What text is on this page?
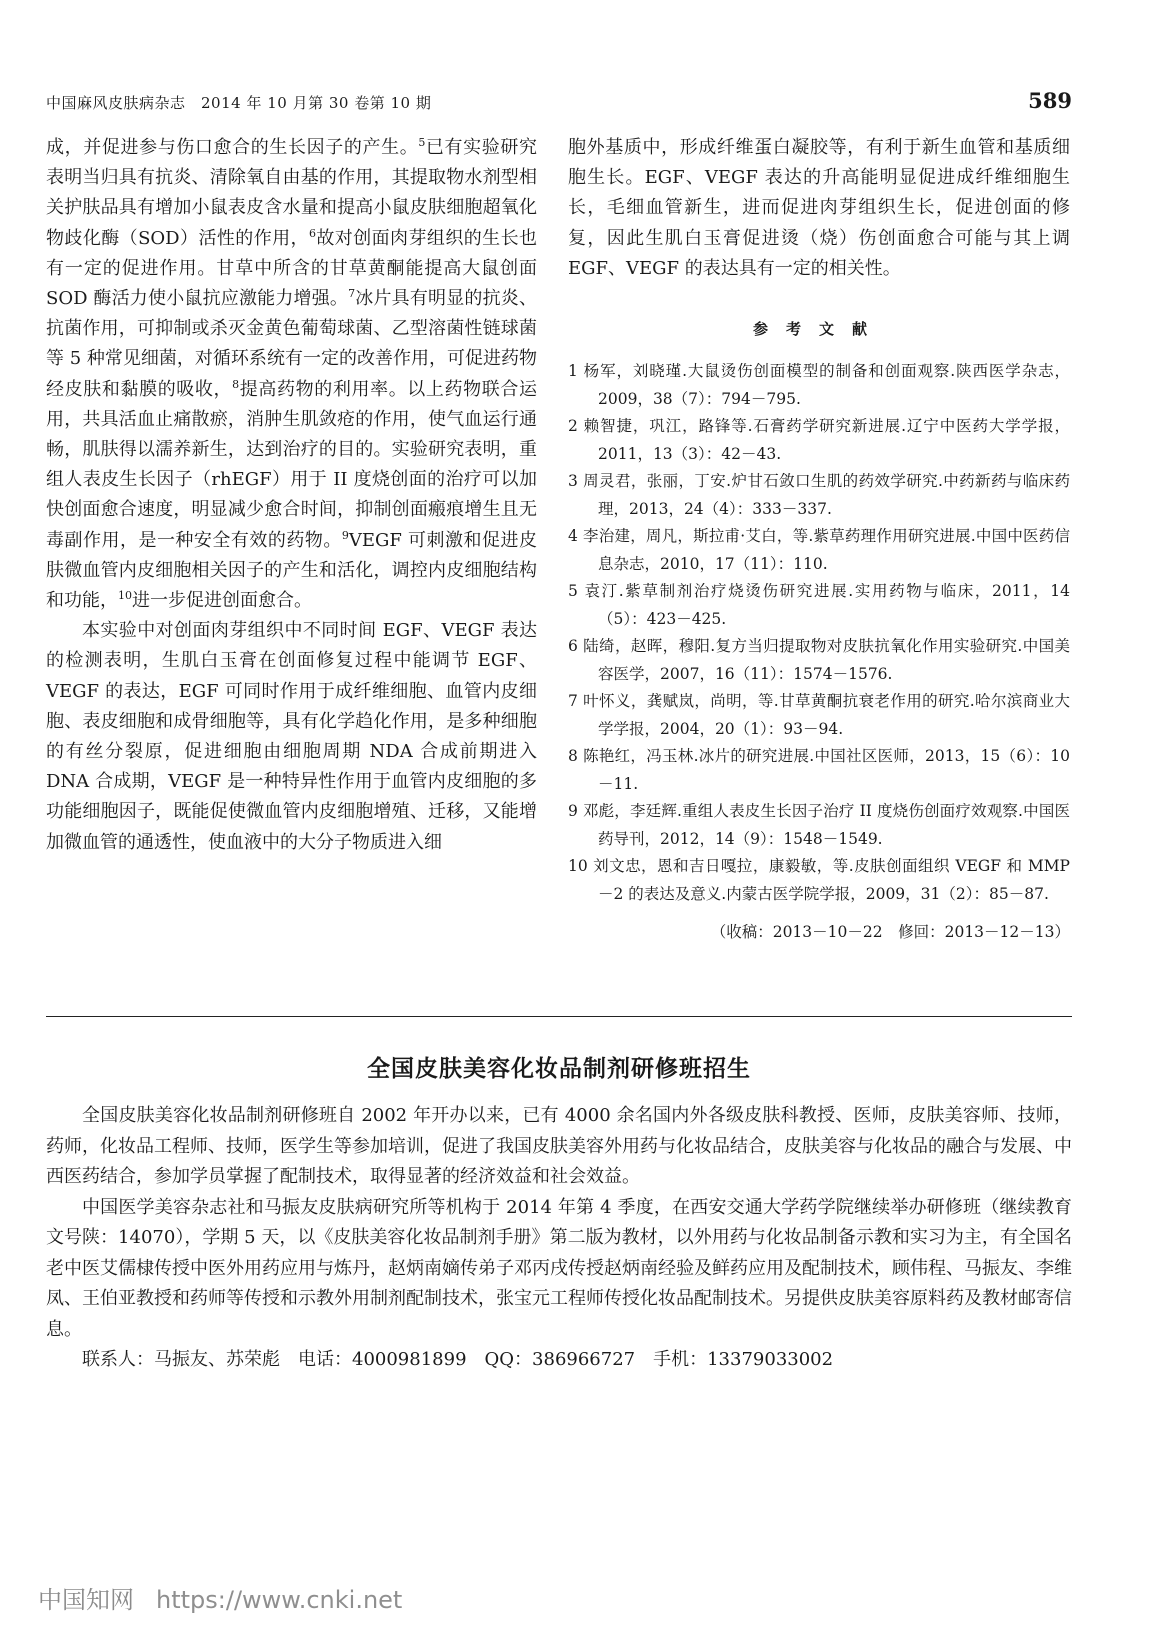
中国麻风皮肤病杂志　2014 年 10 月第 30 卷第 10 期	589

成，并促进参与伤口愈合的生长因子的产生。$^5$已有实验研究表明当归具有抗炎、清除氧自由基的作用，其提取物水剂型相关护肤品具有增加小鼠表皮含水量和提高小鼠皮肤细胞超氧化物歧化酶（SOD）活性的作用，$^6$故对创面肉芽组织的生长也有一定的促进作用。甘草中所含的甘草黄酮能提高大鼠创面 SOD 酶活力使小鼠抗应激能力增强。$^7$冰片具有明显的抗炎、抗菌作用，可抑制或杀灭金黄色葡萄球菌、乙型溶菌性链球菌等 5 种常见细菌，对循环系统有一定的改善作用，可促进药物经皮肤和黏膜的吸收，$^8$提高药物的利用率。以上药物联合运用，共具活血止痛散瘀，消肿生肌敛疮的作用，使气血运行通畅，肌肤得以濡养新生，达到治疗的目的。实验研究表明，重组人表皮生长因子（rhEGF）用于 II 度烧创面的治疗可以加快创面愈合速度，明显减少愈合时间，抑制创面瘢痕增生且无毒副作用，是一种安全有效的药物。$^9$VEGF 可刺激和促进皮肤微血管内皮细胞相关因子的产生和活化，调控内皮细胞结构和功能，$^{10}$进一步促进创面愈合。

本实验中对创面肉芽组织中不同时间 EGF、VEGF 表达的检测表明，生肌白玉膏在创面修复过程中能调节 EGF、VEGF 的表达，EGF 可同时作用于成纤维细胞、血管内皮细胞、表皮细胞和成骨细胞等，具有化学趋化作用，是多种细胞的有丝分裂原，促进细胞由细胞周期 NDA 合成前期进入 DNA 合成期，VEGF 是一种特异性作用于血管内皮细胞的多功能细胞因子，既能促使微血管内皮细胞增殖、迁移，又能增加微血管的通透性，使血液中的大分子物质进入细

胞外基质中，形成纤维蛋白凝胶等，有利于新生血管和基质细胞生长。EGF、VEGF 表达的升高能明显促进成纤维细胞生长，毛细血管新生，进而促进肉芽组织生长，促进创面的修复，因此生肌白玉膏促进烫（烧）伤创面愈合可能与其上调 EGF、VEGF 的表达具有一定的相关性。

参考文献
1 杨军，刘晓瑾.大鼠烫伤创面模型的制备和创面观察.陕西医学杂志，2009，38（7）：794－795.
2 赖智捷，巩江，路锋等.石膏药学研究新进展.辽宁中医药大学学报，2011，13（3）：42－43.
3 周灵君，张丽，丁安.炉甘石敛口生肌的药效学研究.中药新药与临床药理，2013，24（4）：333－337.
4 李治建，周凡，斯拉甫·艾白，等.紫草药理作用研究进展.中国中医药信息杂志，2010，17（11）：110.
5 袁汀.紫草制剂治疗烧烫伤研究进展.实用药物与临床，2011，14（5）：423－425.
6 陆绮，赵晖，穆阳.复方当归提取物对皮肤抗氧化作用实验研究.中国美容医学，2007，16（11）：1574－1576.
7 叶怀义，龚赋岚，尚明，等.甘草黄酮抗衰老作用的研究.哈尔滨商业大学学报，2004，20（1）：93－94.
8 陈艳红，冯玉林.冰片的研究进展.中国社区医师，2013，15（6）：10－11.
9 邓彪，李廷辉.重组人表皮生长因子治疗 II 度烧伤创面疗效观察.中国医药导刊，2012，14（9）：1548－1549.
10 刘文忠，恩和吉日嘎拉，康毅敏，等.皮肤创面组织 VEGF 和 MMP－2 的表达及意义.内蒙古医学院学报，2009，31（2）：85－87.
（收稿：2013－10－22　修回：2013－12－13）
全国皮肤美容化妆品制剂研修班招生

全国皮肤美容化妆品制剂研修班自 2002 年开办以来，已有 4000 余名国内外各级皮肤科教授、医师，皮肤美容师、技师，药师，化妆品工程师、技师，医学生等参加培训，促进了我国皮肤美容外用药与化妆品结合，皮肤美容与化妆品的融合与发展、中西医药结合，参加学员掌握了配制技术，取得显著的经济效益和社会效益。

中国医学美容杂志社和马振友皮肤病研究所等机构于 2014 年第 4 季度，在西安交通大学药学院继续举办研修班（继续教育文号陕：14070），学期 5 天，以《皮肤美容化妆品制剂手册》第二版为教材，以外用药与化妆品制备示教和实习为主，有全国名老中医艾儒棣传授中医外用药应用与炼丹，赵炳南嫡传弟子邓丙戌传授赵炳南经验及鲜药应用及配制技术，顾伟程、马振友、李维凤、王伯亚教授和药师等传授和示教外用制剂配制技术，张宝元工程师传授化妆品配制技术。另提供皮肤美容原料药及教材邮寄信息。

联系人：马振友、苏荣彪　电话：4000981899　QQ：386966727　手机：13379033002

中国知网 https://www.cnki.net
